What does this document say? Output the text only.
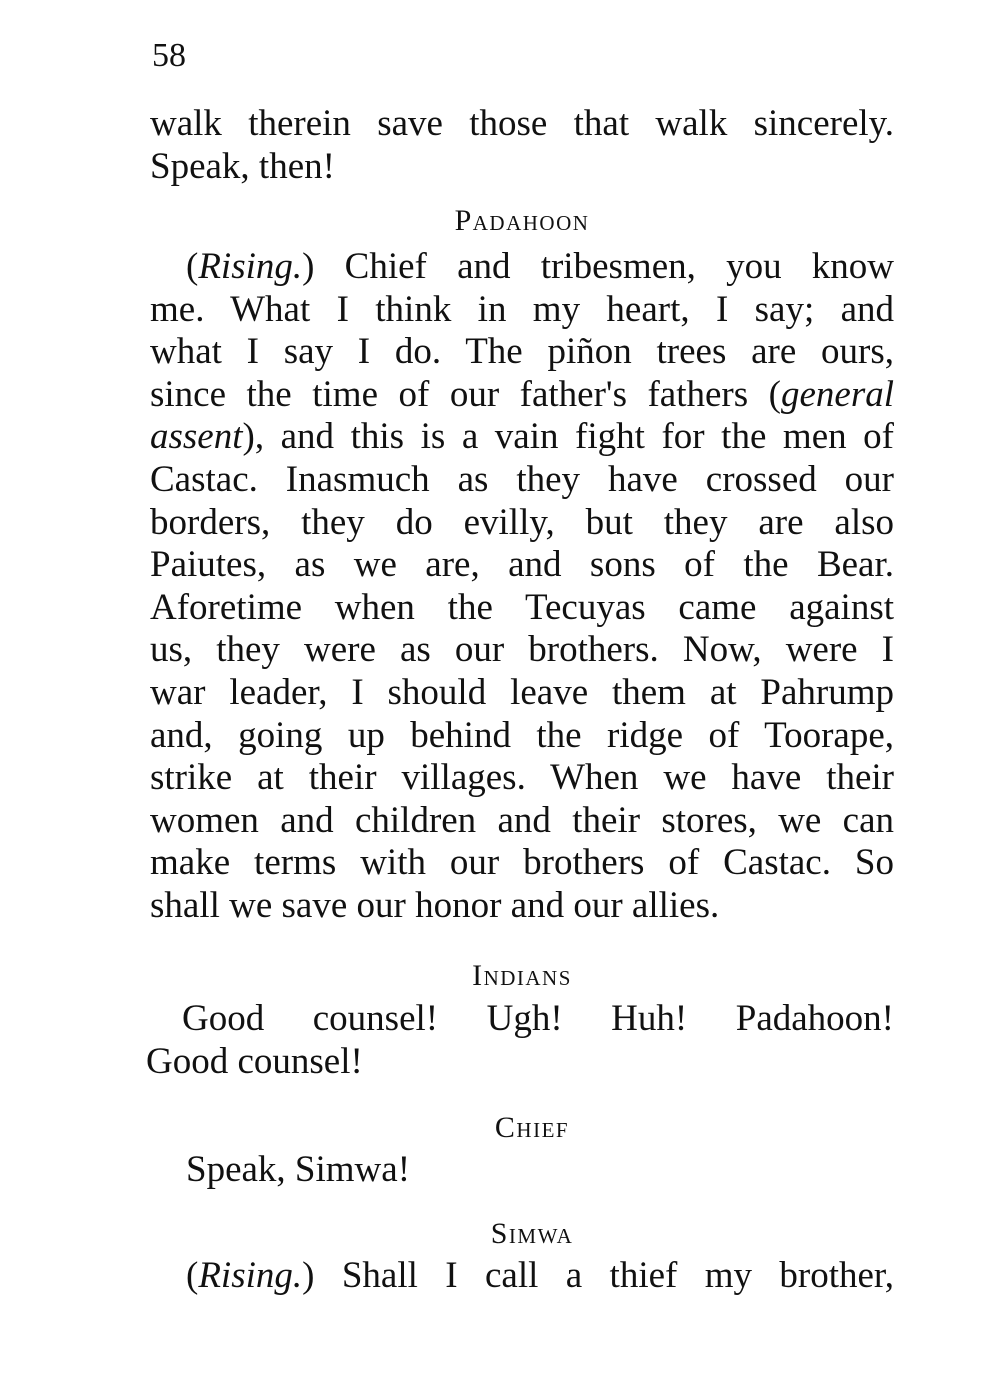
58
walk therein save those that walk sincerely.
Speak, then!
Padahoon
(Rising.) Chief and tribesmen, you know
me. What I think in my heart, I say; and
what I say I do. The piñon trees are ours,
since the time of our father's fathers (general
assent), and this is a vain fight for the men of
Castac. Inasmuch as they have crossed our
borders, they do evilly, but they are also
Paiutes, as we are, and sons of the Bear.
Aforetime when the Tecuyas came against
us, they were as our brothers. Now, were I
war leader, I should leave them at Pahrump
and, going up behind the ridge of Toorape,
strike at their villages. When we have their
women and children and their stores, we can
make terms with our brothers of Castac. So
shall we save our honor and our allies.
Indians
Good counsel! Ugh! Huh! Padahoon!
Good counsel!
Chief
Speak, Simwa!
Simwa
(Rising.) Shall I call a thief my brother,
